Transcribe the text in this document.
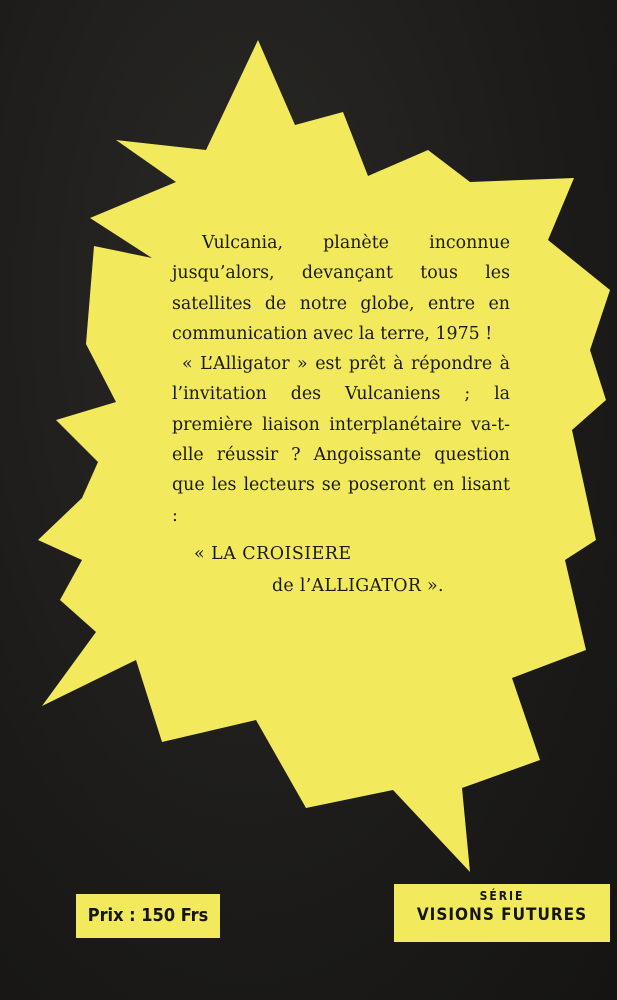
Vulcania, planète inconnue jusqu’alors, devançant tous les satellites de notre globe, entre en communication avec la terre, 1975 !

« L’Alligator » est prêt à répondre à l’invitation des Vulcaniens ; la première liaison interplanétaire va-t-elle réussir ? Angoissante question que les lecteurs se poseront en lisant :

« LA CROISIERE
de l’ALLIGATOR ».
Prix : 150 Frs
SÉRIE
VISIONS FUTURES
